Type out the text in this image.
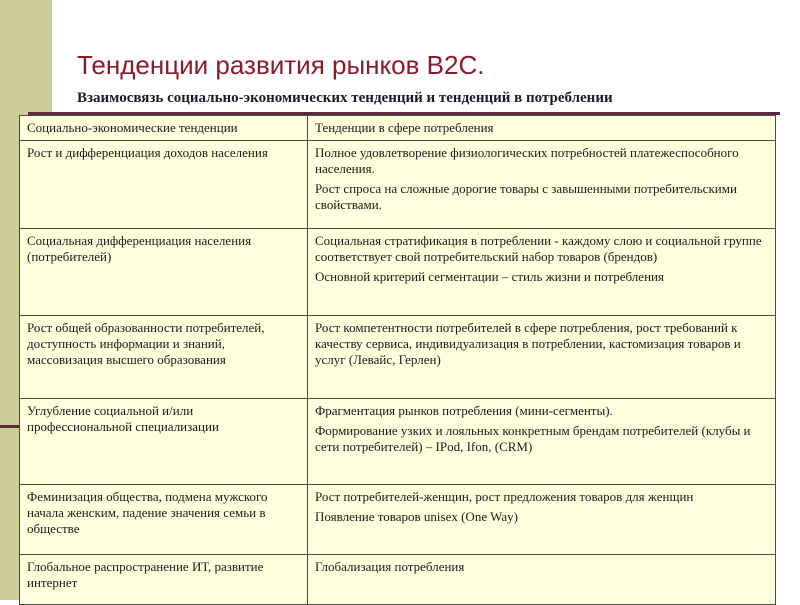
Тенденции развития рынков В2С.
Взаимосвязь социально-экономических тенденций и тенденций в потреблении
Социально-экономические тенденции	Тенденции в сфере потребления
Рост и дифференциация доходов населения	Полное удовлетворение физиологических потребностей платежеспособного населения.

Рост спроса на сложные дорогие товары с завышенными потребительскими свойствами.

Социальная дифференциация населения (потребителей)	Социальная стратификация в потреблении - каждому слою и социальной группе соответствует свой потребительский набор товаров (брендов)

Основной критерий сегментации – стиль жизни и потребления

Рост общей образованности потребителей, доступность информации и знаний, массовизация высшего образования	Рост компетентности потребителей в сфере потребления, рост требований к качеству сервиса, индивидуализация в потреблении, кастомизация товаров и услуг (Левайс, Герлен)

Углубление социальной и/или профессиональной специализации	Фрагментация рынков потребления (мини-сегменты).

Формирование узких и лояльных конкретным брендам потребителей (клубы и сети потребителей) – IPod, Ifon, (CRM)

Феминизация общества, подмена мужского начала женским, падение значения семьи в обществе	Рост потребителей-женщин, рост предложения товаров для женщин

Появление товаров unisex (One Way)

Глобальное распространение ИТ, развитие интернет	Глобализация потребления
